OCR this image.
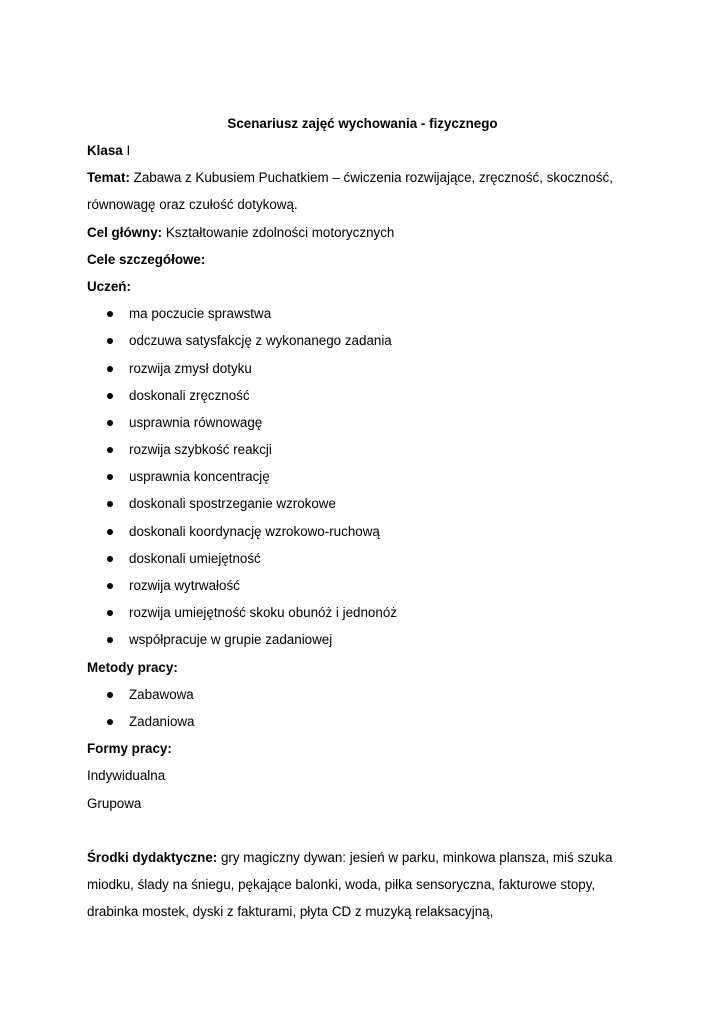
Scenariusz zajęć wychowania - fizycznego
Klasa I
Temat: Zabawa z Kubusiem Puchatkiem – ćwiczenia rozwijające, zręczność, skoczność,
równowagę oraz czułość dotykową.
Cel główny: Kształtowanie zdolności motorycznych
Cele szczegółowe:
Uczeń:
ma poczucie sprawstwa
odczuwa satysfakcję z wykonanego zadania
rozwija zmysł dotyku
doskonali zręczność
usprawnia równowagę
rozwija szybkość reakcji
usprawnia koncentrację
doskonali spostrzeganie wzrokowe
doskonali koordynację wzrokowo-ruchową
doskonali umiejętność
rozwija wytrwałość
rozwija umiejętność skoku obunóż i jednonóż
współpracuje w grupie zadaniowej
Metody pracy:
Zabawowa
Zadaniowa
Formy pracy:
Indywidualna
Grupowa
Środki dydaktyczne: gry magiczny dywan: jesień w parku, minkowa plansza, miś szuka
miodku, ślady na śniegu, pękające balonki, woda, piłka sensoryczna, fakturowe stopy,
drabinka mostek, dyski z fakturami, płyta CD z muzyką relaksacyjną,
